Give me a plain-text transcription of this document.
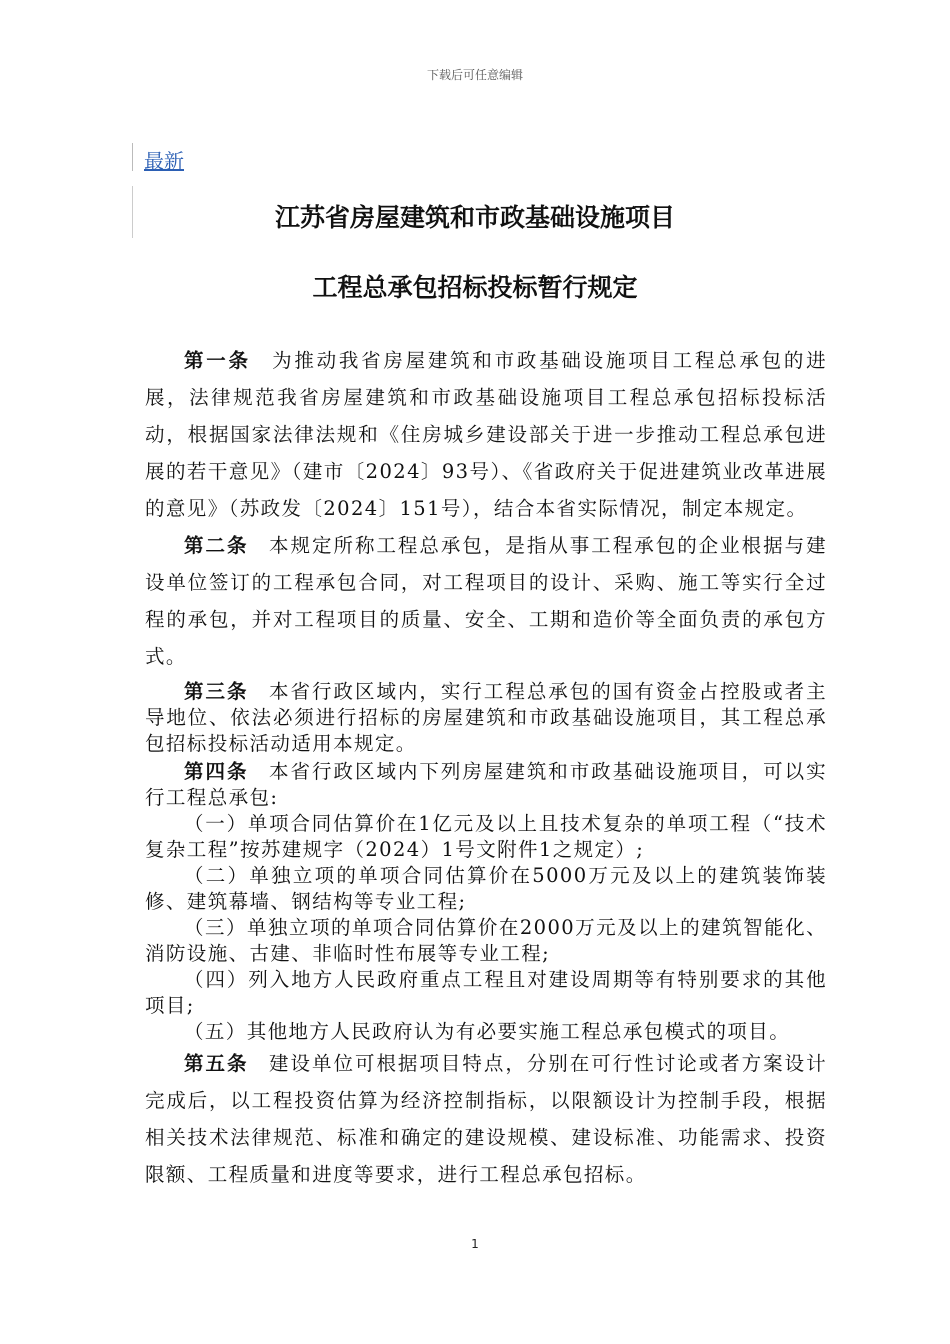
下载后可任意编辑
最新
江苏省房屋建筑和市政基础设施项目
工程总承包招标投标暂行规定

第一条 为推动我省房屋建筑和市政基础设施项目工程总承包的进展，法律规范我省房屋建筑和市政基础设施项目工程总承包招标投标活动，根据国家法律法规和《住房城乡建设部关于进一步推动工程总承包进展的若干意见》（建市〔2024〕93号）、《省政府关于促进建筑业改革进展的意见》（苏政发〔2024〕151号），结合本省实际情况，制定本规定。

第二条 本规定所称工程总承包，是指从事工程承包的企业根据与建设单位签订的工程承包合同，对工程项目的设计、采购、施工等实行全过程的承包，并对工程项目的质量、安全、工期和造价等全面负责的承包方式。

第三条 本省行政区域内，实行工程总承包的国有资金占控股或者主导地位、依法必须进行招标的房屋建筑和市政基础设施项目，其工程总承包招标投标活动适用本规定。

第四条 本省行政区域内下列房屋建筑和市政基础设施项目，可以实行工程总承包:

（一）单项合同估算价在1亿元及以上且技术复杂的单项工程（“技术复杂工程”按苏建规字（2024）1号文附件1之规定）;

（二）单独立项的单项合同估算价在5000万元及以上的建筑装饰装修、建筑幕墙、钢结构等专业工程;

（三）单独立项的单项合同估算价在2000万元及以上的建筑智能化、消防设施、古建、非临时性布展等专业工程;

（四）列入地方人民政府重点工程且对建设周期等有特别要求的其他项目;

（五）其他地方人民政府认为有必要实施工程总承包模式的项目。

第五条 建设单位可根据项目特点，分别在可行性讨论或者方案设计完成后，以工程投资估算为经济控制指标，以限额设计为控制手段，根据相关技术法律规范、标准和确定的建设规模、建设标准、功能需求、投资限额、工程质量和进度等要求，进行工程总承包招标。

1
